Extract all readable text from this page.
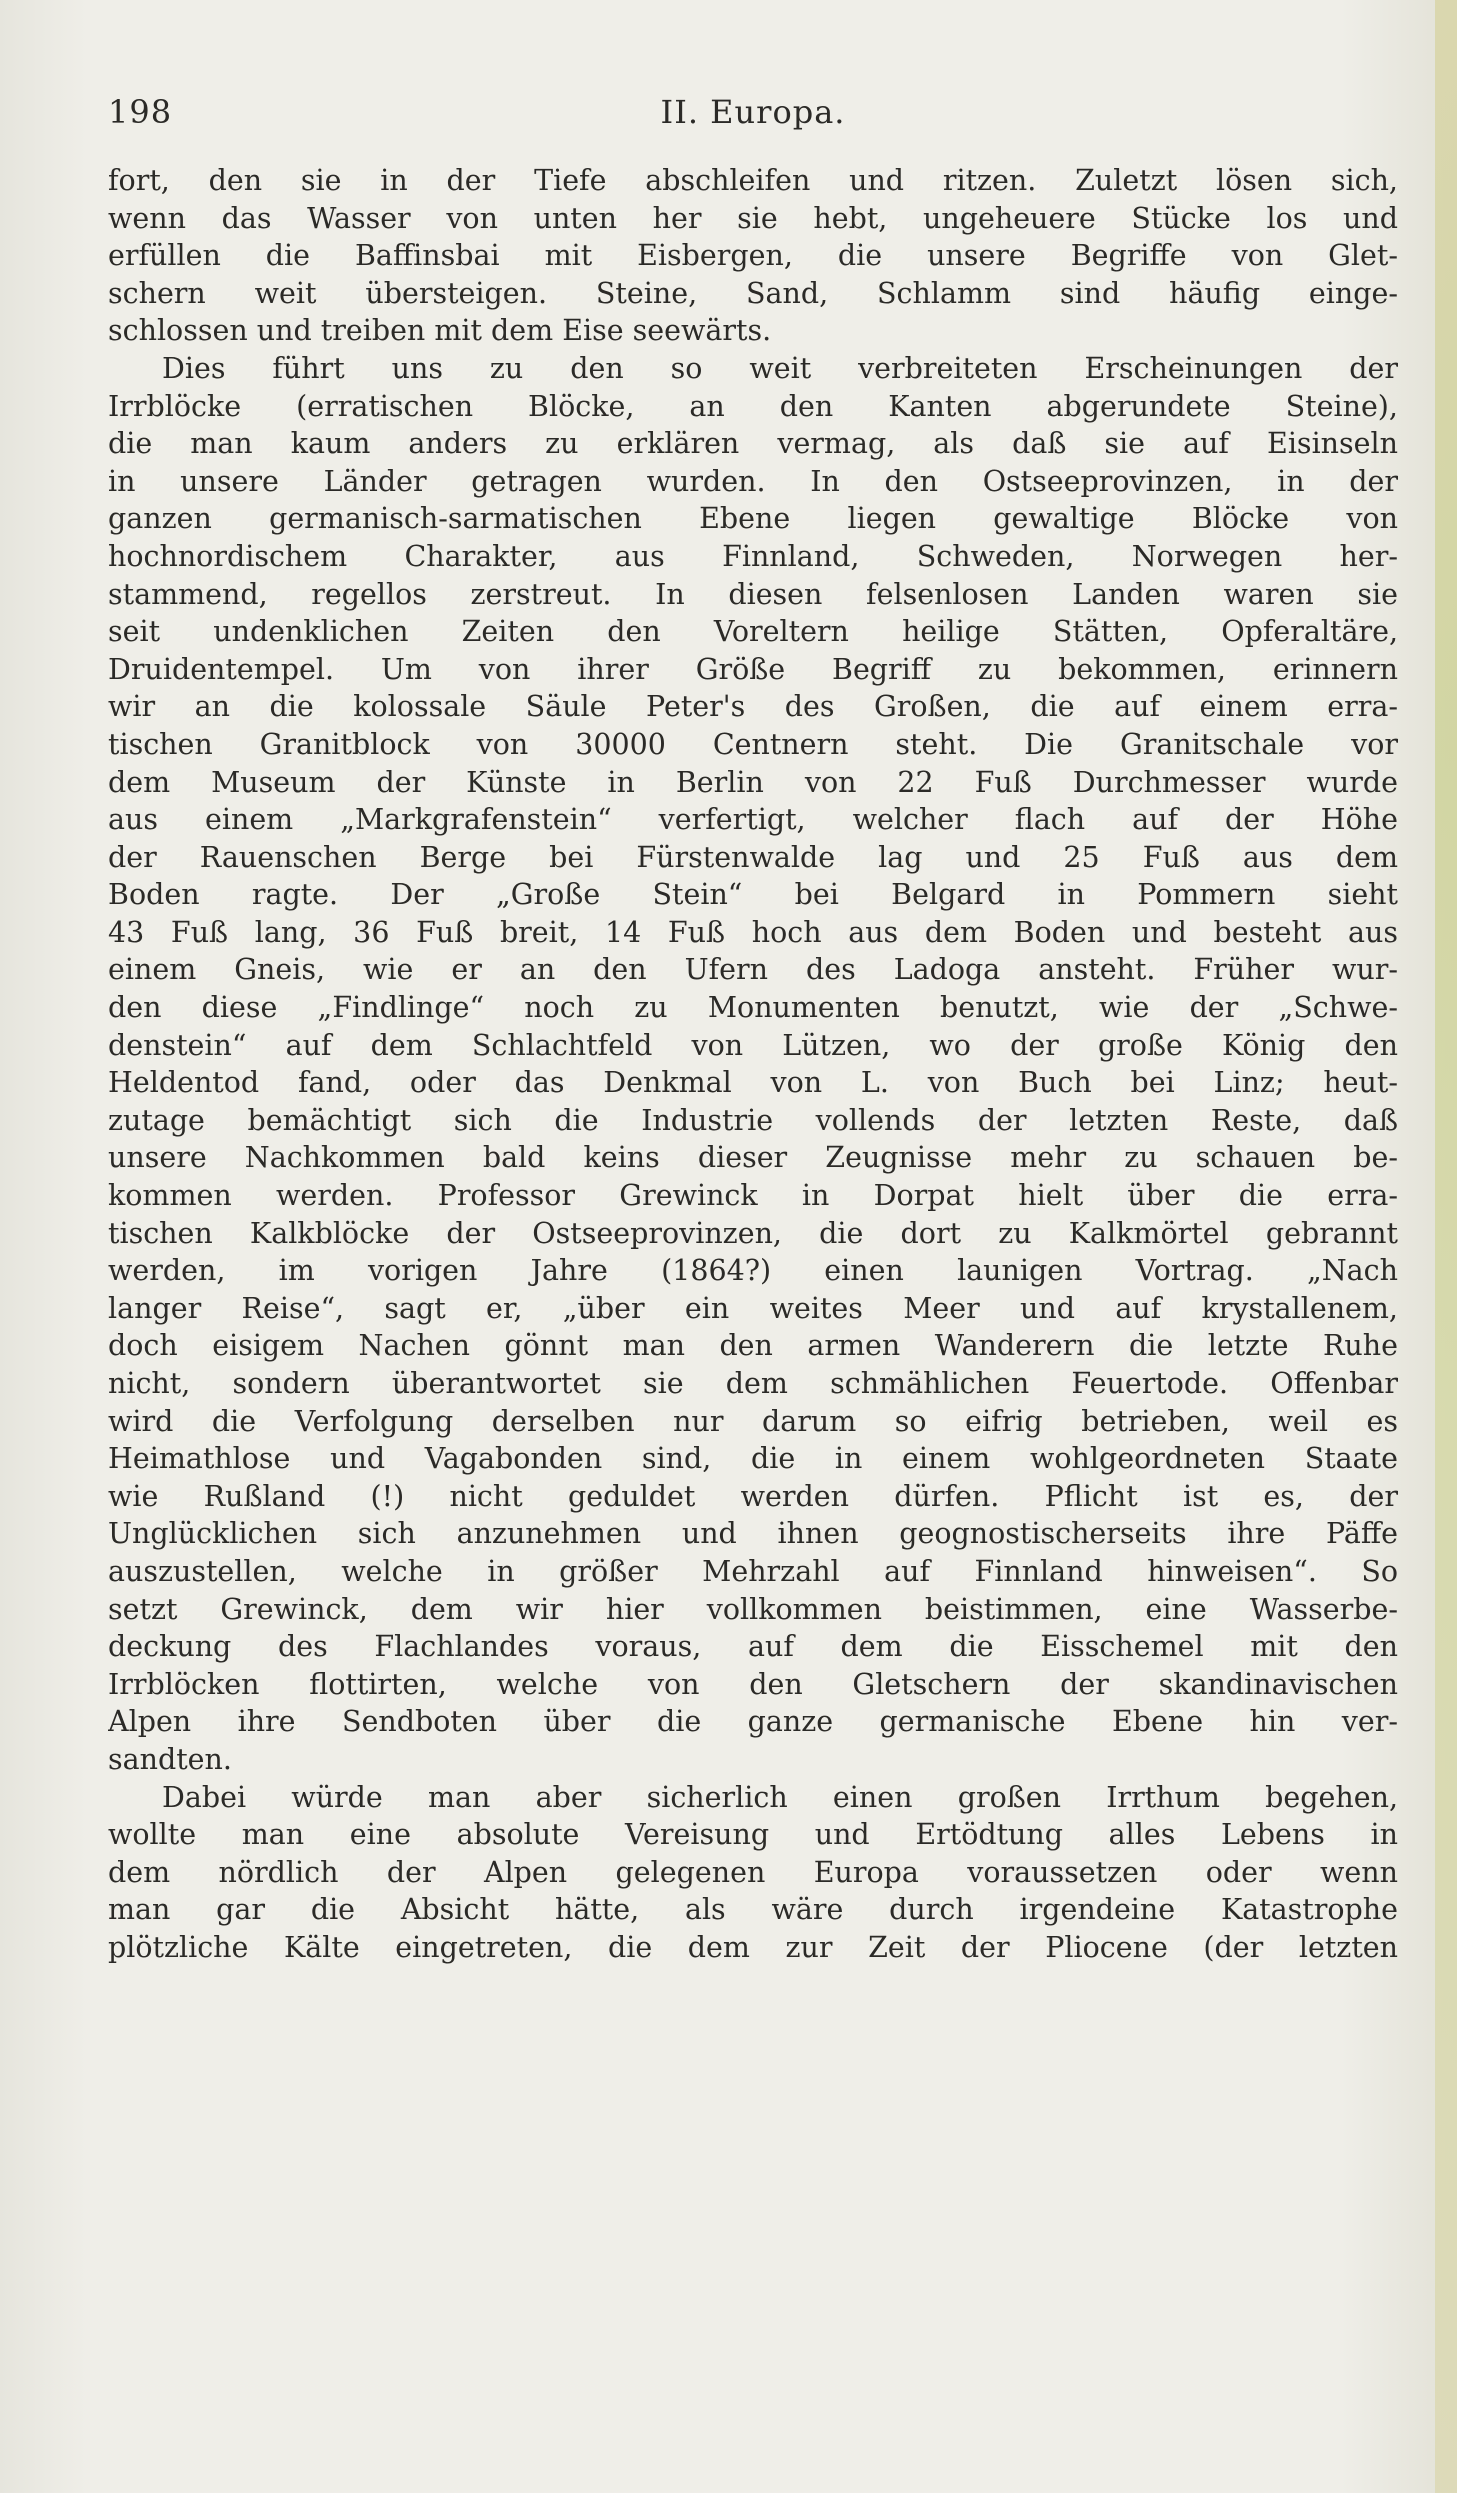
198	II. Europa.
fort, den sie in der Tiefe abschleifen und ritzen. Zuletzt lösen sich,
wenn das Wasser von unten her sie hebt, ungeheuere Stücke los und
erfüllen die Baffinsbai mit Eisbergen, die unsere Begriffe von Glet-
schern weit übersteigen. Steine, Sand, Schlamm sind häufig einge-
schlossen und treiben mit dem Eise seewärts.
Dies führt uns zu den so weit verbreiteten Erscheinungen der
Irrblöcke (erratischen Blöcke, an den Kanten abgerundete Steine),
die man kaum anders zu erklären vermag, als daß sie auf Eisinseln
in unsere Länder getragen wurden. In den Ostseeprovinzen, in der
ganzen germanisch-sarmatischen Ebene liegen gewaltige Blöcke von
hochnordischem Charakter, aus Finnland, Schweden, Norwegen her-
stammend, regellos zerstreut. In diesen felsenlosen Landen waren sie
seit undenklichen Zeiten den Voreltern heilige Stätten, Opferaltäre,
Druidentempel. Um von ihrer Größe Begriff zu bekommen, erinnern
wir an die kolossale Säule Peter's des Großen, die auf einem erra-
tischen Granitblock von 30000 Centnern steht. Die Granitschale vor
dem Museum der Künste in Berlin von 22 Fuß Durchmesser wurde
aus einem „Markgrafenstein“ verfertigt, welcher flach auf der Höhe
der Rauenschen Berge bei Fürstenwalde lag und 25 Fuß aus dem
Boden ragte. Der „Große Stein“ bei Belgard in Pommern sieht
43 Fuß lang, 36 Fuß breit, 14 Fuß hoch aus dem Boden und besteht aus
einem Gneis, wie er an den Ufern des Ladoga ansteht. Früher wur-
den diese „Findlinge“ noch zu Monumenten benutzt, wie der „Schwe-
denstein“ auf dem Schlachtfeld von Lützen, wo der große König den
Heldentod fand, oder das Denkmal von L. von Buch bei Linz; heut-
zutage bemächtigt sich die Industrie vollends der letzten Reste, daß
unsere Nachkommen bald keins dieser Zeugnisse mehr zu schauen be-
kommen werden. Professor Grewinck in Dorpat hielt über die erra-
tischen Kalkblöcke der Ostseeprovinzen, die dort zu Kalkmörtel gebrannt
werden, im vorigen Jahre (1864?) einen launigen Vortrag. „Nach
langer Reise“, sagt er, „über ein weites Meer und auf krystallenem,
doch eisigem Nachen gönnt man den armen Wanderern die letzte Ruhe
nicht, sondern überantwortet sie dem schmählichen Feuertode. Offenbar
wird die Verfolgung derselben nur darum so eifrig betrieben, weil es
Heimathlose und Vagabonden sind, die in einem wohlgeordneten Staate
wie Rußland (!) nicht geduldet werden dürfen. Pflicht ist es, der
Unglücklichen sich anzunehmen und ihnen geognostischerseits ihre Päffe
auszustellen, welche in größer Mehrzahl auf Finnland hinweisen“. So
setzt Grewinck, dem wir hier vollkommen beistimmen, eine Wasserbe-
deckung des Flachlandes voraus, auf dem die Eisschemel mit den
Irrblöcken flottirten, welche von den Gletschern der skandinavischen
Alpen ihre Sendboten über die ganze germanische Ebene hin ver-
sandten.
Dabei würde man aber sicherlich einen großen Irrthum begehen,
wollte man eine absolute Vereisung und Ertödtung alles Lebens in
dem nördlich der Alpen gelegenen Europa voraussetzen oder wenn
man gar die Absicht hätte, als wäre durch irgendeine Katastrophe
plötzliche Kälte eingetreten, die dem zur Zeit der Pliocene (der letzten
